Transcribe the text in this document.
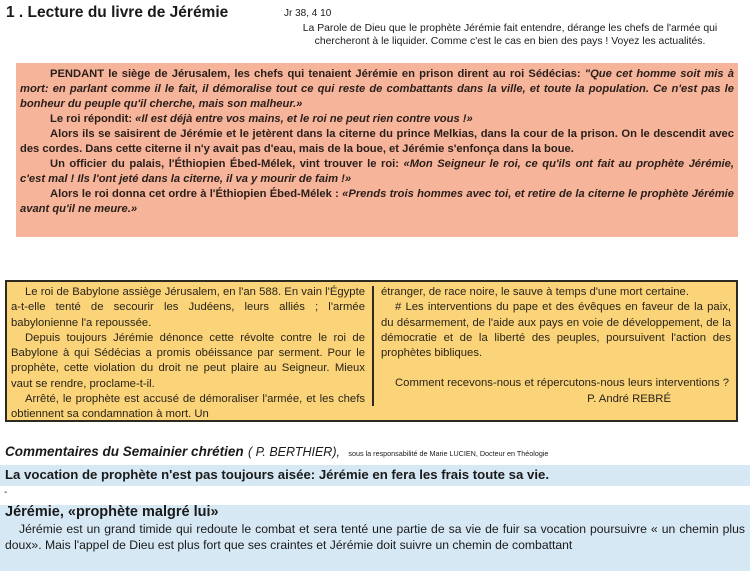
1 . Lecture du livre de Jérémie	Jr 38, 4 10
La Parole de Dieu que le prophète Jérémie fait entendre, dérange les chefs de l'armée qui chercheront à le liquider. Comme c'est le cas en bien des pays ! Voyez les actualités.

PENDANT le siège de Jérusalem, les chefs qui tenaient Jérémie en prison dirent au roi Sédécias: "Que cet homme soit mis à mort: en parlant comme il le fait, il démoralise tout ce qui reste de combattants dans la ville, et toute la population. Ce n'est pas le bonheur du peuple qu'il cherche, mais son malheur.»

Le roi répondit: «Il est déjà entre vos mains, et le roi ne peut rien contre vous !»

Alors ils se saisirent de Jérémie et le jetèrent dans la citerne du prince Melkias, dans la cour de la prison. On le descendit avec des cordes. Dans cette citerne il n'y avait pas d'eau, mais de la boue, et Jérémie s'enfonça dans la boue.

Un officier du palais, l'Éthiopien Ébed-Mélek, vint trouver le roi: «Mon Seigneur le roi, ce qu'ils ont fait au prophète Jérémie, c'est mal ! Ils l'ont jeté dans la citerne, il va y mourir de faim !»

Alors le roi donna cet ordre à l'Éthiopien Ébed-Mélek : «Prends trois hommes avec toi, et retire de la citerne le prophète Jérémie avant qu'il ne meure.»

Le roi de Babylone assiège Jérusalem, en l'an 588. En vain l'Égypte a-t-elle tenté de secourir les Judéens, leurs alliés ; l'armée babylonienne l'a repoussée.

Depuis toujours Jérémie dénonce cette révolte contre le roi de Babylone à qui Sédécias a promis obéissance par serment. Pour le prophète, cette violation du droit ne peut plaire au Seigneur. Mieux vaut se rendre, proclame-t-il.

Arrêté, le prophète est accusé de démoraliser l'armée, et les chefs obtiennent sa condamnation à mort. Un

étranger, de race noire, le sauve à temps d'une mort certaine.

# Les interventions du pape et des évêques en faveur de la paix, du désarmement, de l'aide aux pays en voie de développement, de la démocratie et de la liberté des peuples, poursuivent l'action des prophètes bibliques.

Comment recevons-nous et répercutons-nous leurs interventions ?

P. André REBRÉ
Commentaires du Semainier chrétien ( P. BERTHIER), sous la responsabilité de Marie LUCIEN, Docteur en Théologie
La vocation de prophète n'est pas toujours aisée: Jérémie en fera les frais toute sa vie.
-
Jérémie, «prophète malgré lui»
Jérémie est un grand timide qui redoute le combat et sera tenté une partie de sa vie de fuir sa vocation poursuivre « un chemin plus doux». Mais l'appel de Dieu est plus fort que ses craintes et Jérémie doit suivre un chemin de combattant
